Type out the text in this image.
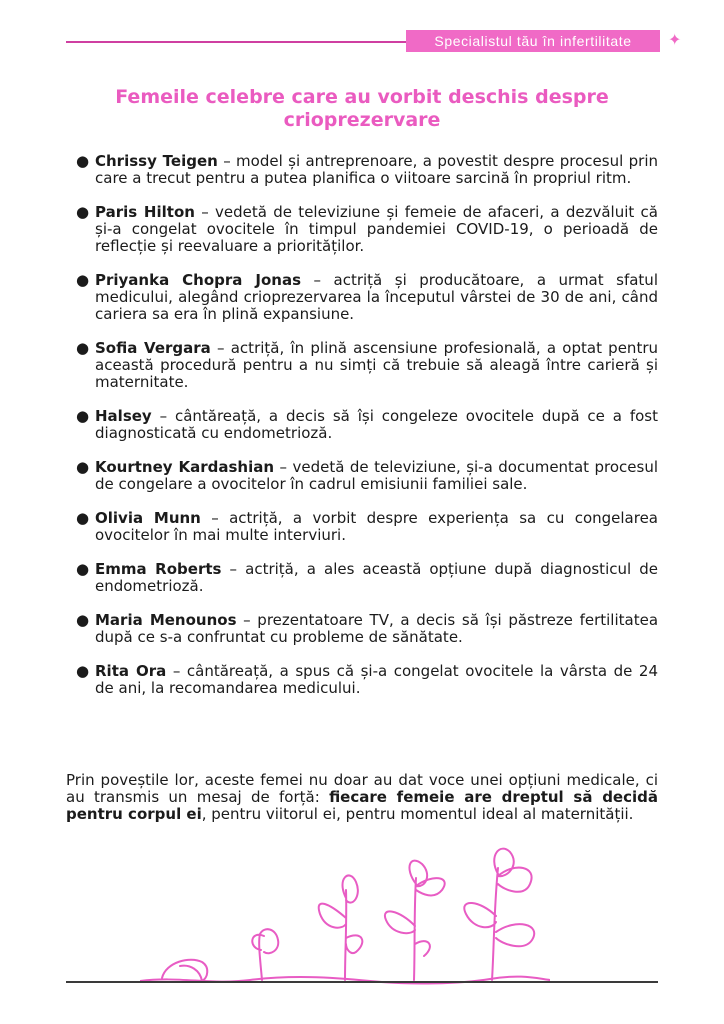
Specialistul tău în infertilitate	✦
Femeile celebre care au vorbit deschis despre crioprezervare
● Chrissy Teigen – model și antreprenoare, a povestit despre procesul prin care a trecut pentru a putea planifica o viitoare sarcină în propriul ritm.
● Paris Hilton – vedetă de televiziune și femeie de afaceri, a dezvăluit că și-a congelat ovocitele în timpul pandemiei COVID-19, o perioadă de reflecție și reevaluare a priorităților.
● Priyanka Chopra Jonas – actriță și producătoare, a urmat sfatul medicului, alegând crioprezervarea la începutul vârstei de 30 de ani, când cariera sa era în plină expansiune.
● Sofia Vergara – actriță, în plină ascensiune profesională, a optat pentru această procedură pentru a nu simți că trebuie să aleagă între carieră și maternitate.
● Halsey – cântăreață, a decis să își congeleze ovocitele după ce a fost diagnosticată cu endometrioză.
● Kourtney Kardashian – vedetă de televiziune, și-a documentat procesul de congelare a ovocitelor în cadrul emisiunii familiei sale.
● Olivia Munn – actriță, a vorbit despre experiența sa cu congelarea ovocitelor în mai multe interviuri.
● Emma Roberts – actriță, a ales această opțiune după diagnosticul de endometrioză.
● Maria Menounos – prezentatoare TV, a decis să își păstreze fertilitatea după ce s-a confruntat cu probleme de sănătate.
● Rita Ora – cântăreață, a spus că și-a congelat ovocitele la vârsta de 24 de ani, la recomandarea medicului.

Prin poveștile lor, aceste femei nu doar au dat voce unei opțiuni medicale, ci au transmis un mesaj de forță: fiecare femeie are dreptul să decidă pentru corpul ei, pentru viitorul ei, pentru momentul ideal al maternității.
